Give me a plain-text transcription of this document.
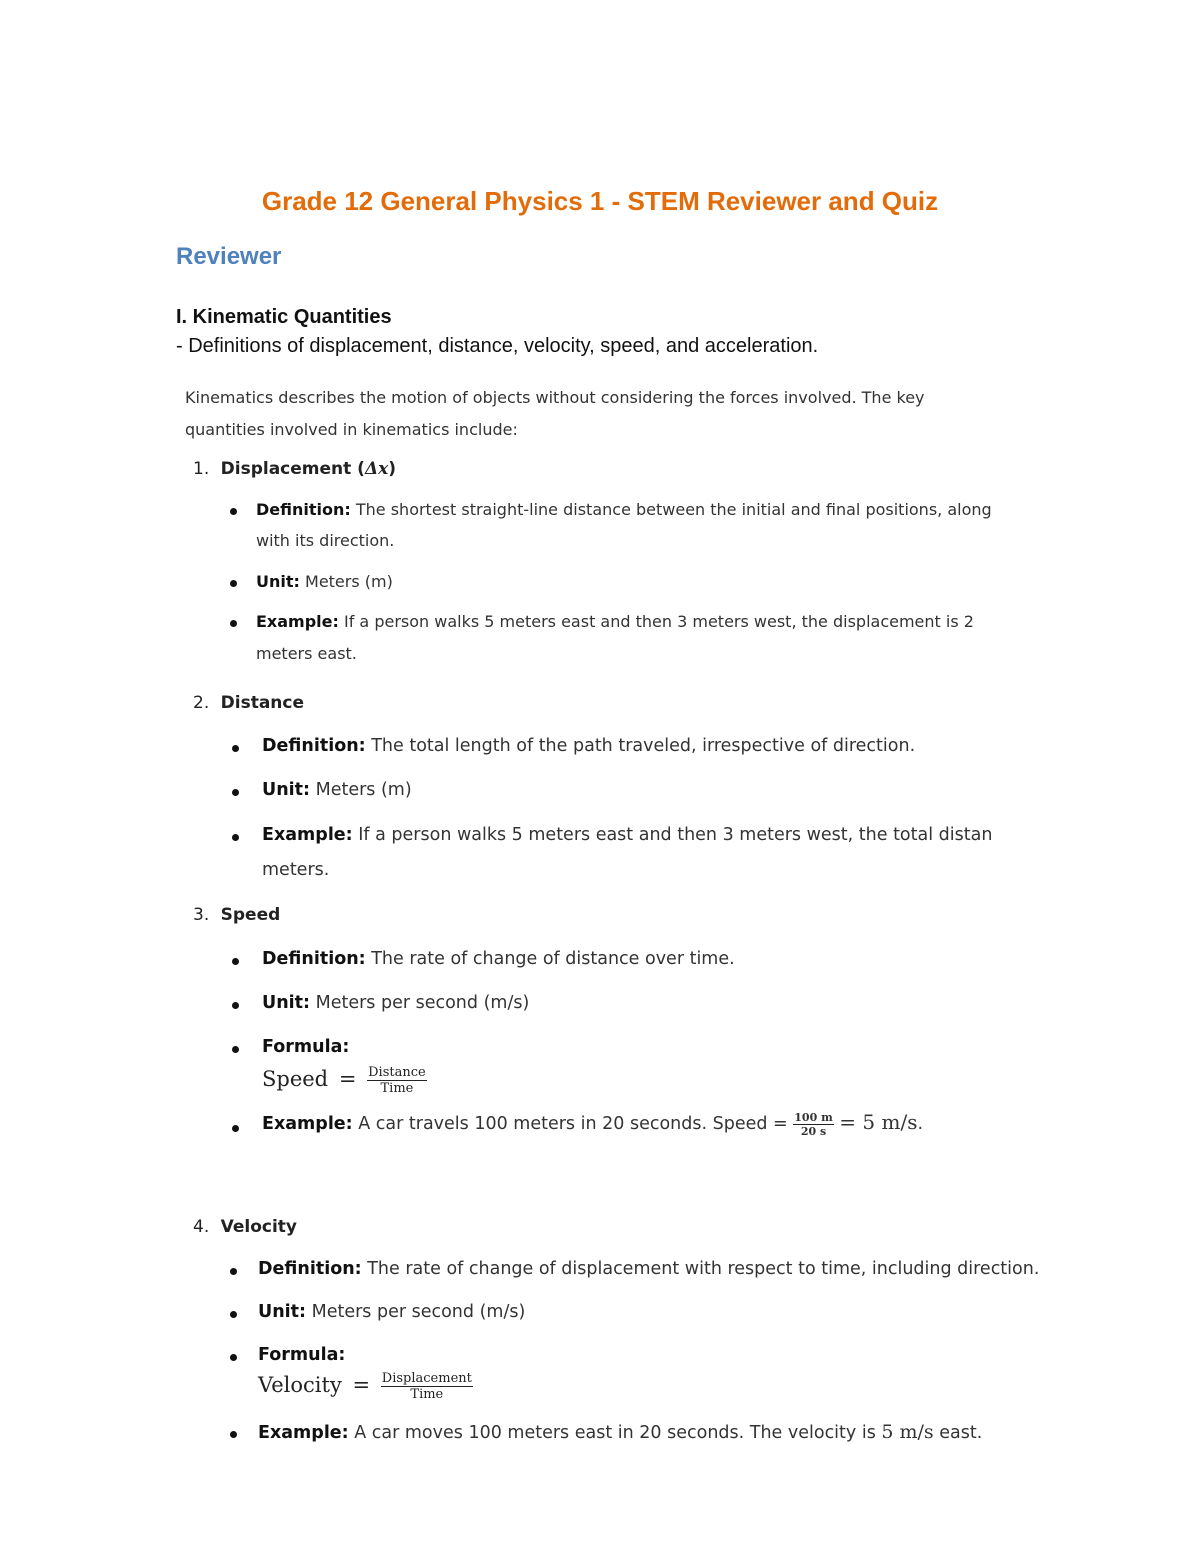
Grade 12 General Physics 1 - STEM Reviewer and Quiz
Reviewer
I. Kinematic Quantities
- Definitions of displacement, distance, velocity, speed, and acceleration.
Kinematics describes the motion of objects without considering the forces involved. The key
quantities involved in kinematics include:
1. Displacement (Δx)
Definition: The shortest straight-line distance between the initial and final positions, along
with its direction.
Unit: Meters (m)
Example: If a person walks 5 meters east and then 3 meters west, the displacement is 2
meters east.
2. Distance
Definition: The total length of the path traveled, irrespective of direction.
Unit: Meters (m)
Example: If a person walks 5 meters east and then 3 meters west, the total distan
meters.
3. Speed
Definition: The rate of change of distance over time.
Unit: Meters per second (m/s)
Formula:
Speed = $\frac{\text{Distance}}{\text{Time}}$
Example: A car travels 100 meters in 20 seconds. Speed = $\frac{100 m}{20 s} = 5$ m/s.
4. Velocity
Definition: The rate of change of displacement with respect to time, including direction.
Unit: Meters per second (m/s)
Formula:
Velocity = $\frac{\text{Displacement}}{\text{Time}}$
Example: A car moves 100 meters east in 20 seconds. The velocity is 5 m/s east.
